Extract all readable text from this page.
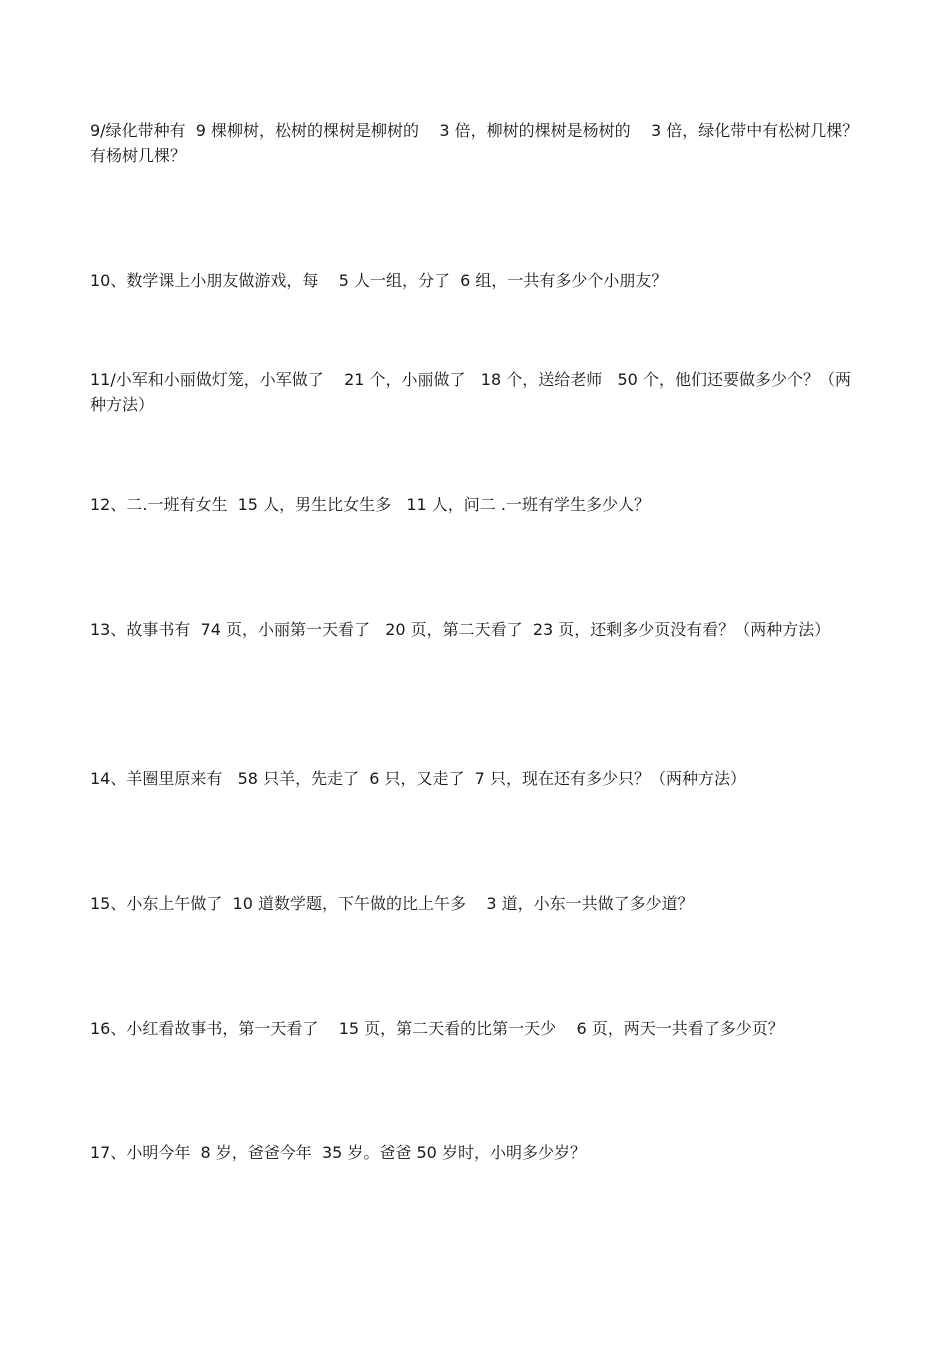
9/绿化带种有  9 棵柳树，松树的棵树是柳树的    3 倍，柳树的棵树是杨树的    3 倍，绿化带中有松树几棵？有杨树几棵？
10、数学课上小朋友做游戏，每    5 人一组，分了  6 组，一共有多少个小朋友？
11/小军和小丽做灯笼，小军做了    21 个，小丽做了   18 个，送给老师   50 个，他们还要做多少个？（两种方法）
12、二.一班有女生  15 人，男生比女生多   11 人，问二 .一班有学生多少人？
13、故事书有  74 页，小丽第一天看了   20 页，第二天看了  23 页，还剩多少页没有看？（两种方法）
14、羊圈里原来有   58 只羊，先走了  6 只，又走了  7 只，现在还有多少只？（两种方法）
15、小东上午做了  10 道数学题，下午做的比上午多    3 道，小东一共做了多少道？
16、小红看故事书，第一天看了    15 页，第二天看的比第一天少    6 页，两天一共看了多少页？
17、小明今年  8 岁，爸爸今年  35 岁。爸爸 50 岁时，小明多少岁？
